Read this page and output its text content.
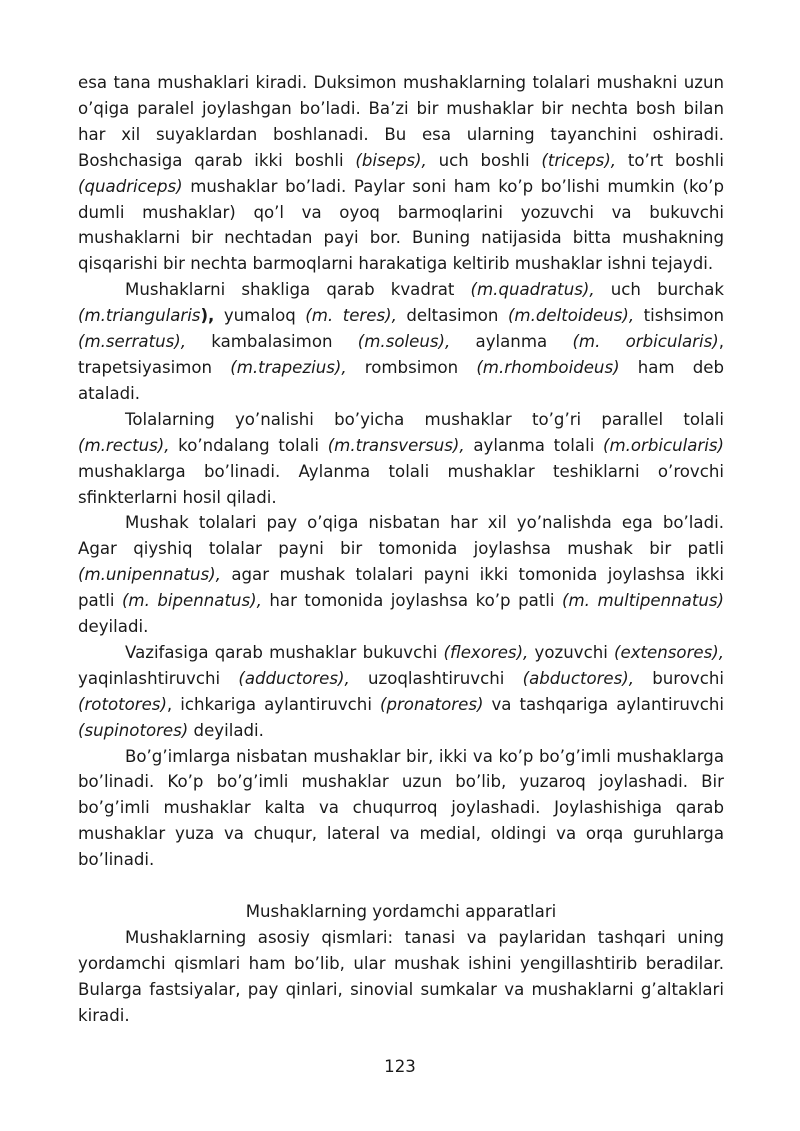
esa tana mushaklari kiradi. Duksimon mushaklarning tolalari mushakni uzun o’qiga paralel joylashgan bo’ladi. Ba’zi bir mushaklar bir nechta bosh bilan har xil suyaklardan boshlanadi. Bu esa ularning tayanchini oshiradi. Boshchasiga qarab ikki boshli (biseps), uch boshli (triceps), to’rt boshli (quadriceps) mushaklar bo’ladi. Paylar soni ham ko’p bo’lishi mumkin (ko’p dumli mushaklar) qo’l va oyoq barmoqlarini yozuvchi va bukuvchi mushaklarni bir nechtadan payi bor. Buning natijasida bitta mushakning qisqarishi bir nechta barmoqlarni harakatiga keltirib mushaklar ishni tejaydi.

Mushaklarni shakliga qarab kvadrat (m.quadratus), uch burchak (m.triangularis), yumaloq (m. teres), deltasimon (m.deltoideus), tishsimon (m.serratus), kambalasimon (m.soleus), aylanma (m. orbicularis), trapetsiyasimon (m.trapezius), rombsimon (m.rhomboideus) ham deb ataladi.

Tolalarning yo’nalishi bo’yicha mushaklar to’g’ri parallel tolali (m.rectus), ko’ndalang tolali (m.transversus), aylanma tolali (m.orbicularis) mushaklarga bo’linadi. Aylanma tolali mushaklar teshiklarni o’rovchi sfinkterlarni hosil qiladi.

Mushak tolalari pay o’qiga nisbatan har xil yo’nalishda ega bo’ladi. Agar qiyshiq tolalar payni bir tomonida joylashsa mushak bir patli (m.unipennatus), agar mushak tolalari payni ikki tomonida joylashsa ikki patli (m. bipennatus), har tomonida joylashsa ko’p patli (m. multipennatus) deyiladi.

Vazifasiga qarab mushaklar bukuvchi (flexores), yozuvchi (extensores), yaqinlashtiruvchi (adductores), uzoqlashtiruvchi (abductores), burovchi (rototores), ichkariga aylantiruvchi (pronatores) va tashqariga aylantiruvchi (supinotores) deyiladi.

Bo’g’imlarga nisbatan mushaklar bir, ikki va ko’p bo’g’imli mushaklarga bo’linadi. Ko’p bo’g’imli mushaklar uzun bo’lib, yuzaroq joylashadi. Bir bo’g’imli mushaklar kalta va chuqurroq joylashadi. Joylashishiga qarab mushaklar yuza va chuqur, lateral va medial, oldingi va orqa guruhlarga bo’linadi.

Mushaklarning yordamchi apparatlari

Mushaklarning asosiy qismlari: tanasi va paylaridan tashqari uning yordamchi qismlari ham bo’lib, ular mushak ishini yengillashtirib beradilar. Bularga fastsiyalar, pay qinlari, sinovial sumkalar va mushaklarni g’altaklari kiradi.

123
